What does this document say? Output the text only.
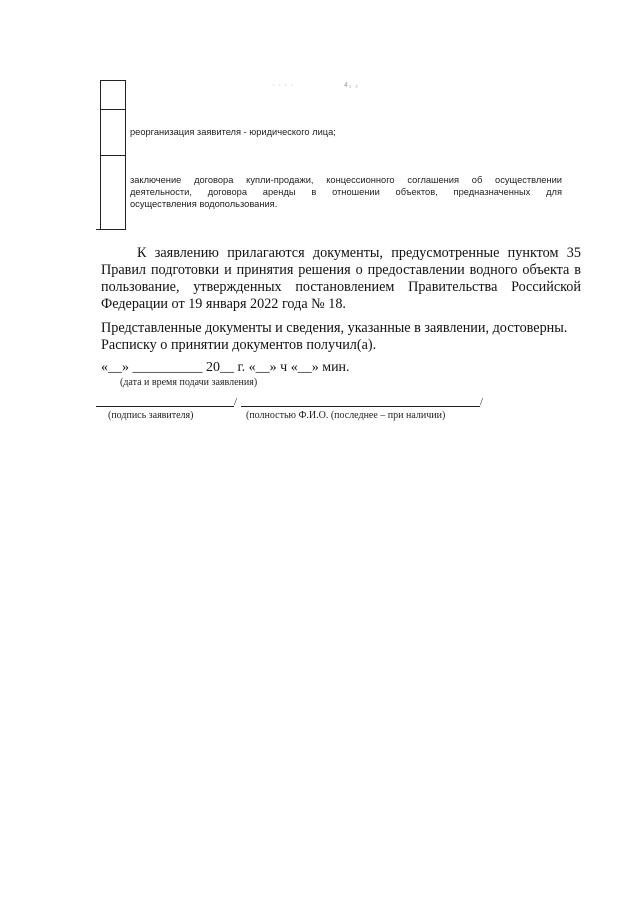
· · · ·	4₁ ₂
реорганизация заявителя - юридического лица;
заключение договора купли-продажи, концессионного соглашения об осуществлении
деятельности, договора аренды в отношении объектов, предназначенных для
осуществления водопользования.
К заявлению прилагаются документы, предусмотренные пунктом 35
Правил подготовки и принятия решения о предоставлении водного объекта в
пользование, утвержденных постановлением Правительства Российской
Федерации от 19 января 2022 года № 18.
Представленные документы и сведения, указанные в заявлении, достоверны.
Расписку о принятии документов получил(а).
«__» __________ 20__ г. «__» ч «__» мин.
(дата и время подачи заявления)
/	/
(подпись заявителя)	(полностью Ф.И.О. (последнее – при наличии)
